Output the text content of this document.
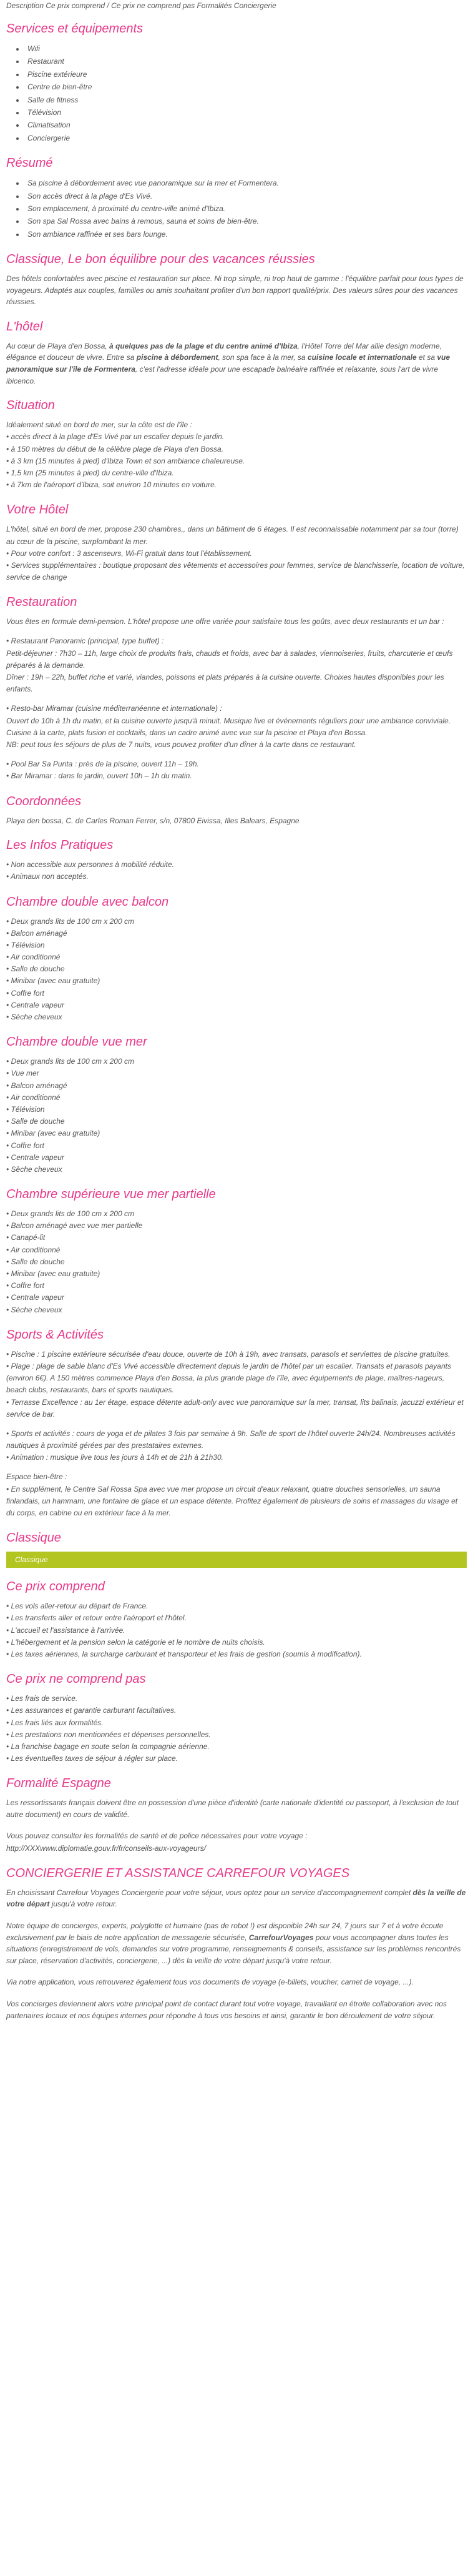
Description Ce prix comprend / Ce prix ne comprend pas Formalités Conciergerie
Services et équipements
• Wifi
• Restaurant
• Piscine extérieure
• Centre de bien-être
• Salle de fitness
• Télévision
• Climatisation
• Conciergerie
Résumé
• Sa piscine à débordement avec vue panoramique sur la mer et Formentera.
• Son accès direct à la plage d'Es Vivé.
• Son emplacement, à proximité du centre-ville animé d'Ibiza.
• Son spa Sal Rossa avec bains à remous, sauna et soins de bien-être.
• Son ambiance raffinée et ses bars lounge.
Classique, Le bon équilibre pour des vacances réussies

Des hôtels confortables avec piscine et restauration sur place. Ni trop simple, ni trop haut de gamme : l'équilibre parfait pour tous types de voyageurs. Adaptés aux couples, familles ou amis souhaitant profiter d'un bon rapport qualité/prix. Des valeurs sûres pour des vacances réussies.

L'hôtel

Au cœur de Playa d'en Bossa, à quelques pas de la plage et du centre animé d'Ibiza, l'Hôtel Torre del Mar allie design moderne, élégance et douceur de vivre. Entre sa piscine à débordement, son spa face à la mer, sa cuisine locale et internationale et sa vue panoramique sur l'île de Formentera, c'est l'adresse idéale pour une escapade balnéaire raffinée et relaxante, sous l'art de vivre ibicenco.

Situation

Idéalement situé en bord de mer, sur la côte est de l'île :

• accès direct à la plage d'Es Vivé par un escalier depuis le jardin.

• à 150 mètres du début de la célèbre plage de Playa d'en Bossa.

• à 3 km (15 minutes à pied) d'Ibiza Town et son ambiance chaleureuse.

• 1,5 km (25 minutes à pied) du centre-ville d'Ibiza.

• à 7km de l'aéroport d'Ibiza, soit environ 10 minutes en voiture.

Votre Hôtel

L'hôtel, situé en bord de mer, propose 230 chambres,, dans un bâtiment de 6 étages. Il est reconnaissable notamment par sa tour (torre) au cœur de la piscine, surplombant la mer.

• Pour votre confort : 3 ascenseurs, Wi-Fi gratuit dans tout l'établissement.

• Services supplémentaires : boutique proposant des vêtements et accessoires pour femmes, service de blanchisserie, location de voiture, service de change

Restauration

Vous êtes en formule demi-pension. L'hôtel propose une offre variée pour satisfaire tous les goûts, avec deux restaurants et un bar :

• Restaurant Panoramic (principal, type buffet) :

Petit-déjeuner : 7h30 – 11h, large choix de produits frais, chauds et froids, avec bar à salades, viennoiseries, fruits, charcuterie et œufs préparés à la demande.

Dîner : 19h – 22h, buffet riche et varié, viandes, poissons et plats préparés à la cuisine ouverte. Choixes hautes disponibles pour les enfants.

• Resto-bar Miramar (cuisine méditerranéenne et internationale) :

Ouvert de 10h à 1h du matin, et la cuisine ouverte jusqu'à minuit. Musique live et événements réguliers pour une ambiance conviviale.

Cuisine à la carte, plats fusion et cocktails, dans un cadre animé avec vue sur la piscine et Playa d'en Bossa.

NB: peut tous les séjours de plus de 7 nuits, vous pouvez profiter d'un dîner à la carte dans ce restaurant.

• Pool Bar Sa Punta : près de la piscine, ouvert 11h – 19h.

• Bar Miramar : dans le jardin, ouvert 10h – 1h du matin.

Coordonnées

Playa den bossa, C. de Carles Roman Ferrer, s/n, 07800 Eivissa, Illes Balears, Espagne

Les Infos Pratiques

• Non accessible aux personnes à mobilité réduite.

• Animaux non acceptés.

Chambre double avec balcon

• Deux grands lits de 100 cm x 200 cm

• Balcon aménagé

• Télévision

• Air conditionné

• Salle de douche

• Minibar (avec eau gratuite)

• Coffre fort

• Centrale vapeur

• Sèche cheveux

Chambre double vue mer

• Deux grands lits de 100 cm x 200 cm

• Vue mer

• Balcon aménagé

• Air conditionné

• Télévision

• Salle de douche

• Minibar (avec eau gratuite)

• Coffre fort

• Centrale vapeur

• Sèche cheveux

Chambre supérieure vue mer partielle

• Deux grands lits de 100 cm x 200 cm

• Balcon aménagé avec vue mer partielle

• Canapé-lit

• Air conditionné

• Salle de douche

• Minibar (avec eau gratuite)

• Coffre fort

• Centrale vapeur

• Sèche cheveux

Sports & Activités

• Piscine : 1 piscine extérieure sécurisée d'eau douce, ouverte de 10h à 19h, avec transats, parasols et serviettes de piscine gratuites.

• Plage : plage de sable blanc d'Es Vivé accessible directement depuis le jardin de l'hôtel par un escalier. Transats et parasols payants (environ 6€). A 150 mètres commence Playa d'en Bossa, la plus grande plage de l'île, avec équipements de plage, maîtres-nageurs, beach clubs, restaurants, bars et sports nautiques.

• Terrasse Excellence : au 1er étage, espace détente adult-only avec vue panoramique sur la mer, transat, lits balinais, jacuzzi extérieur et service de bar.

• Sports et activités : cours de yoga et de pilates 3 fois par semaine à 9h. Salle de sport de l'hôtel ouverte 24h/24. Nombreuses activités nautiques à proximité gérées par des prestataires externes.

• Animation : musique live tous les jours à 14h et de 21h à 21h30.

Espace bien-être :

• En supplément, le Centre Sal Rossa Spa avec vue mer propose un circuit d'eaux relaxant, quatre douches sensorielles, un sauna finlandais, un hammam, une fontaine de glace et un espace détente. Profitez également de plusieurs de soins et massages du visage et du corps, en cabine ou en extérieur face à la mer.

Classique
Classique
Ce prix comprend

• Les vols aller-retour au départ de France.

• Les transferts aller et retour entre l'aéroport et l'hôtel.

• L'accueil et l'assistance à l'arrivée.

• L'hébergement et la pension selon la catégorie et le nombre de nuits choisis.

• Les taxes aériennes, la surcharge carburant et transporteur et les frais de gestion (soumis à modification).

Ce prix ne comprend pas

• Les frais de service.

• Les assurances et garantie carburant facultatives.

• Les frais liés aux formalités.

• Les prestations non mentionnées et dépenses personnelles.

• La franchise bagage en soute selon la compagnie aérienne.

• Les éventuelles taxes de séjour à régler sur place.

Formalité Espagne

Les ressortissants français doivent être en possession d'une pièce d'identité (carte nationale d'identité ou passeport, à l'exclusion de tout autre document) en cours de validité.

Vous pouvez consulter les formalités de santé et de police nécessaires pour votre voyage :

http://XXXwww.diplomatie.gouv.fr/fr/conseils-aux-voyageurs/

CONCIERGERIE ET ASSISTANCE CARREFOUR VOYAGES

En choisissant Carrefour Voyages Conciergerie pour votre séjour, vous optez pour un service d'accompagnement complet dès la veille de votre départ jusqu'à votre retour.

Notre équipe de concierges, experts, polyglotte et humaine (pas de robot !) est disponible 24h sur 24, 7 jours sur 7 et à votre écoute exclusivement par le biais de notre application de messagerie sécurisée, CarrefourVoyages pour vous accompagner dans toutes les situations (enregistrement de vols, demandes sur votre programme, renseignements & conseils, assistance sur les problèmes rencontrés sur place, réservation d'activités, conciergerie, ...) dès la veille de votre départ jusqu'à votre retour.

Via notre application, vous retrouverez également tous vos documents de voyage (e-billets, voucher, carnet de voyage, ...).

Vos concierges deviennent alors votre principal point de contact durant tout votre voyage, travaillant en étroite collaboration avec nos partenaires locaux et nos équipes internes pour répondre à tous vos besoins et ainsi, garantir le bon déroulement de votre séjour.
